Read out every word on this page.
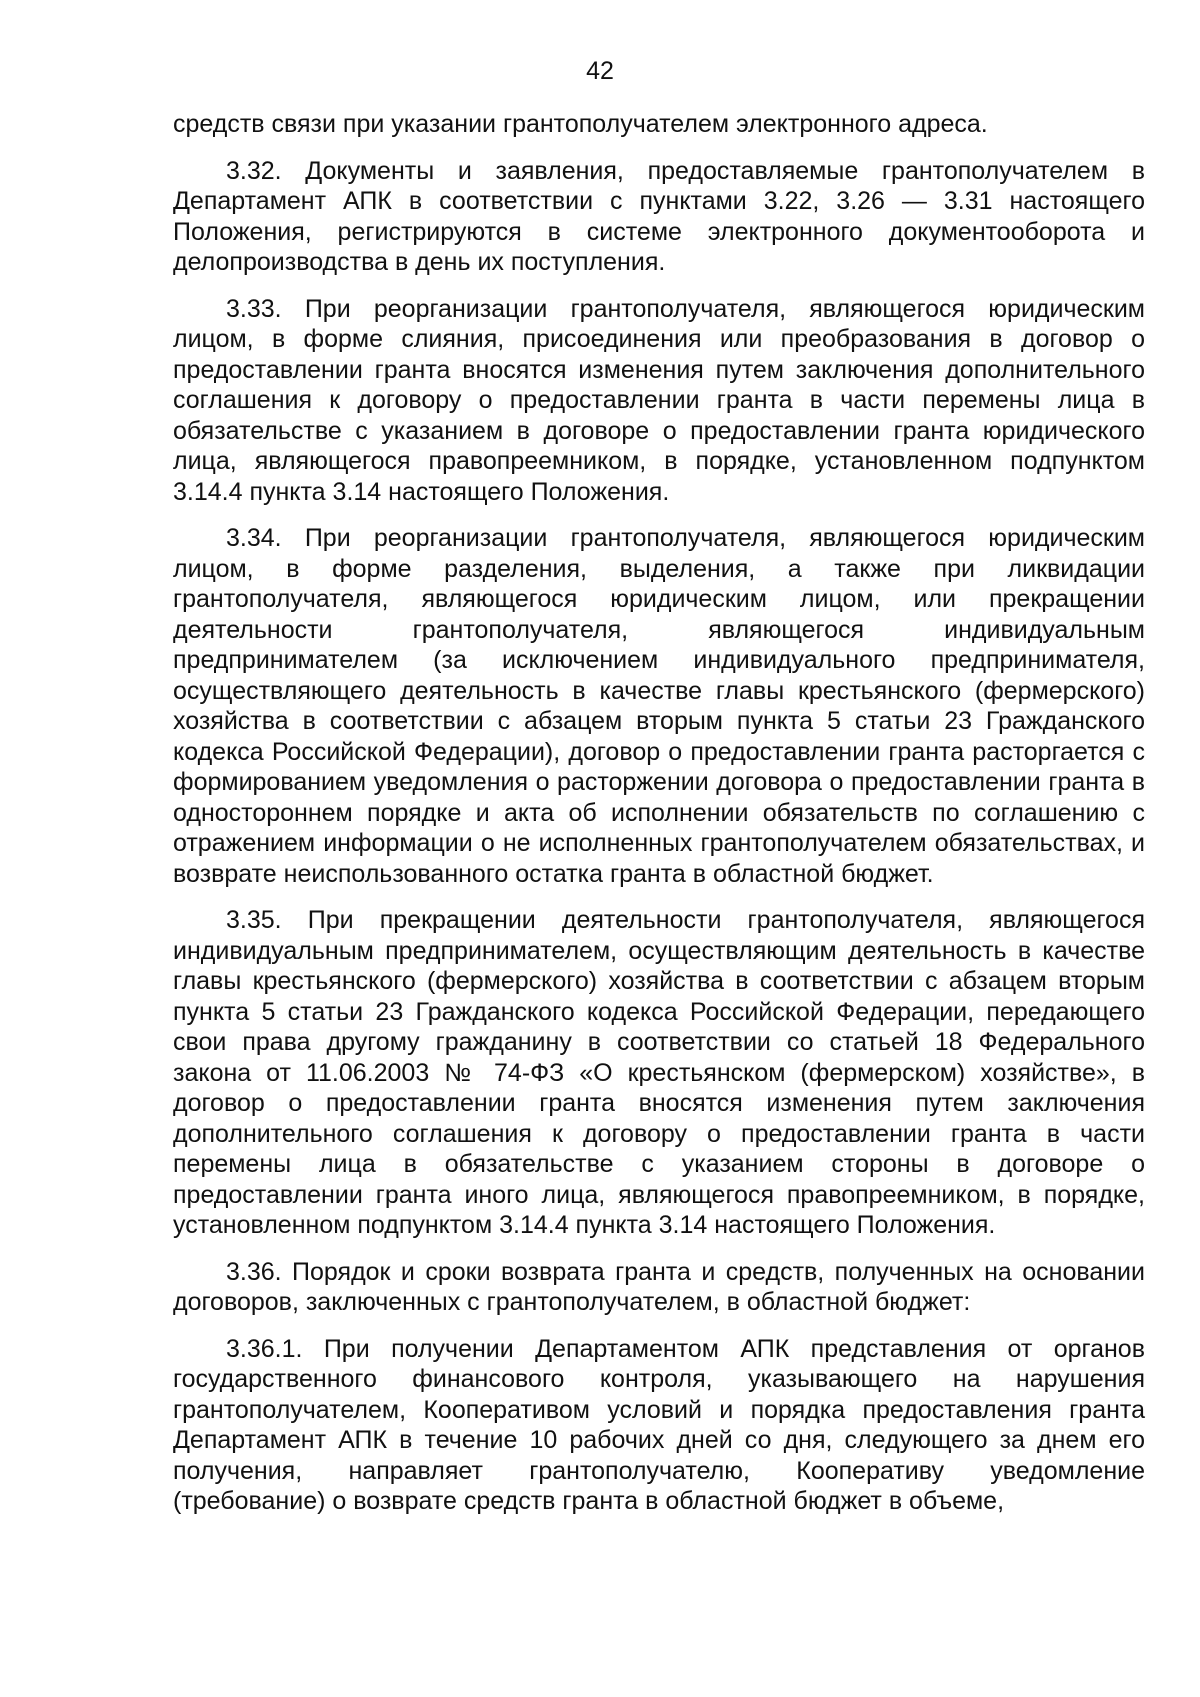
42

средств связи при указании грантополучателем электронного адреса.

3.32. Документы и заявления, предоставляемые грантополучателем в Департамент АПК в соответствии с пунктами 3.22, 3.26 — 3.31 настоящего Положения, регистрируются в системе электронного документооборота и делопроизводства в день их поступления.

3.33. При реорганизации грантополучателя, являющегося юридическим лицом, в форме слияния, присоединения или преобразования в договор о предоставлении гранта вносятся изменения путем заключения дополнительного соглашения к договору о предоставлении гранта в части перемены лица в обязательстве с указанием в договоре о предоставлении гранта юридического лица, являющегося правопреемником, в порядке, установленном подпунктом 3.14.4 пункта 3.14 настоящего Положения.

3.34. При реорганизации грантополучателя, являющегося юридическим лицом, в форме разделения, выделения, а также при ликвидации грантополучателя, являющегося юридическим лицом, или прекращении деятельности грантополучателя, являющегося индивидуальным предпринимателем (за исключением индивидуального предпринимателя, осуществляющего деятельность в качестве главы крестьянского (фермерского) хозяйства в соответствии с абзацем вторым пункта 5 статьи 23 Гражданского кодекса Российской Федерации), договор о предоставлении гранта расторгается с формированием уведомления о расторжении договора о предоставлении гранта в одностороннем порядке и акта об исполнении обязательств по соглашению с отражением информации о не исполненных грантополучателем обязательствах, и возврате неиспользованного остатка гранта в областной бюджет.

3.35. При прекращении деятельности грантополучателя, являющегося индивидуальным предпринимателем, осуществляющим деятельность в качестве главы крестьянского (фермерского) хозяйства в соответствии с абзацем вторым пункта 5 статьи 23 Гражданского кодекса Российской Федерации, передающего свои права другому гражданину в соответствии со статьей 18 Федерального закона от 11.06.2003 № 74-ФЗ «О крестьянском (фермерском) хозяйстве», в договор о предоставлении гранта вносятся изменения путем заключения дополнительного соглашения к договору о предоставлении гранта в части перемены лица в обязательстве с указанием стороны в договоре о предоставлении гранта иного лица, являющегося правопреемником, в порядке, установленном подпунктом 3.14.4 пункта 3.14 настоящего Положения.

3.36. Порядок и сроки возврата гранта и средств, полученных на основании договоров, заключенных с грантополучателем, в областной бюджет:

3.36.1. При получении Департаментом АПК представления от органов государственного финансового контроля, указывающего на нарушения грантополучателем, Кооперативом условий и порядка предоставления гранта Департамент АПК в течение 10 рабочих дней со дня, следующего за днем его получения, направляет грантополучателю, Кооперативу уведомление (требование) о возврате средств гранта в областной бюджет в объеме,
